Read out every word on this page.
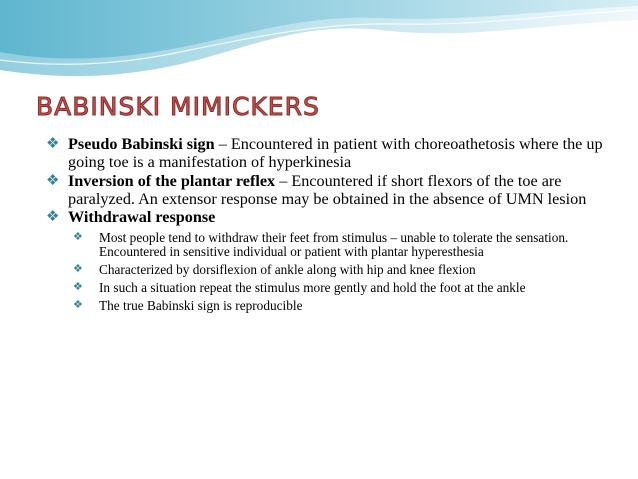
BABINSKI MIMICKERS
❖ Pseudo Babinski sign – Encountered in patient with choreoathetosis where the up going toe is a manifestation of hyperkinesia
❖ Inversion of the plantar reflex – Encountered if short flexors of the toe are paralyzed. An extensor response may be obtained in the absence of UMN lesion
❖ Withdrawal response
❖	Most people tend to withdraw their feet from stimulus – unable to tolerate the sensation. Encountered in sensitive individual or patient with plantar hyperesthesia
❖	Characterized by dorsiflexion of ankle along with hip and knee flexion
❖	In such a situation repeat the stimulus more gently and hold the foot at the ankle
❖	The true Babinski sign is reproducible
